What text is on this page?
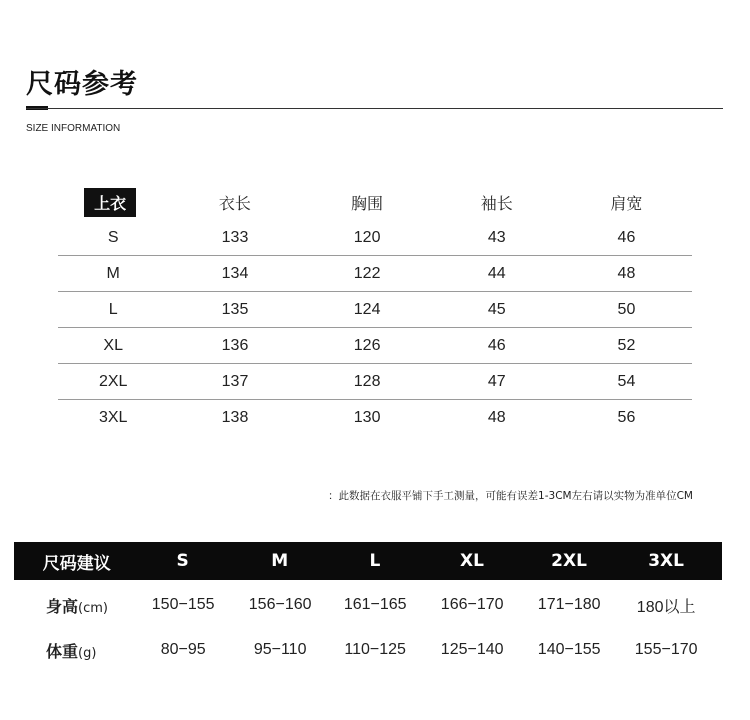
尺码参考
SIZE INFORMATION
上衣	衣长	胸围	袖长	肩宽
S	133	120	43	46
M	134	122	44	48
L	135	124	45	50
XL	136	126	46	52
2XL	137	128	47	54
3XL	138	130	48	56
：此数据在衣服平铺下手工测量，可能有误差1-3CM左右请以实物为准单位CM
尺码建议	S	M	L	XL	2XL	3XL
身高(cm)	150−155	156−160	161−165	166−170	171−180	180以上
体重(g)	80−95	95−110	110−125	125−140	140−155	155−170
